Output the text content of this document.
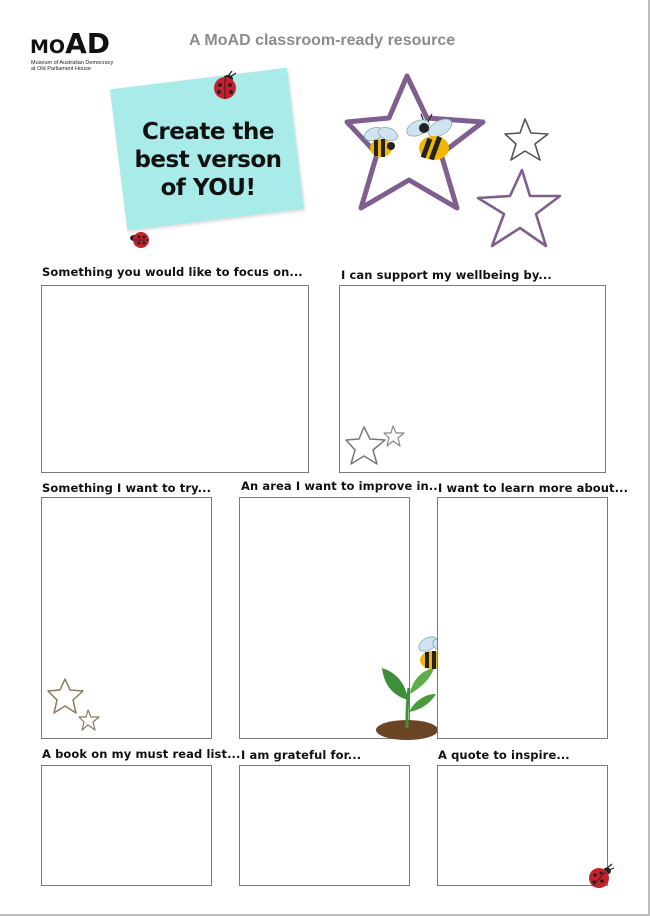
MOAD
Museum of Australian Democracy
at Old Parliament House
A MoAD classroom-ready resource
Create the
best verson
of YOU!
Something you would like to focus on...	I can support my wellbeing by...
Something I want to try...	An area I want to improve in...
I want to learn more about...
A book on my must read list... I am grateful for...	A quote to inspire...
